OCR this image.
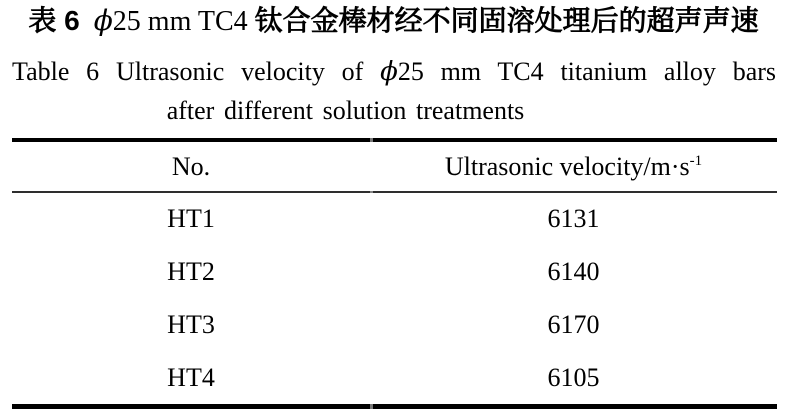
表 6 ϕ25 mm TC4 钛合金棒材经不同固溶处理后的超声声速
Table 6 Ultrasonic velocity of ϕ25 mm TC4 titanium alloy bars
after different solution treatments
No.	Ultrasonic velocity/$m\cdot s^{-1}$
HT1	6131
HT2	6140
HT3	6170
HT4	6105
